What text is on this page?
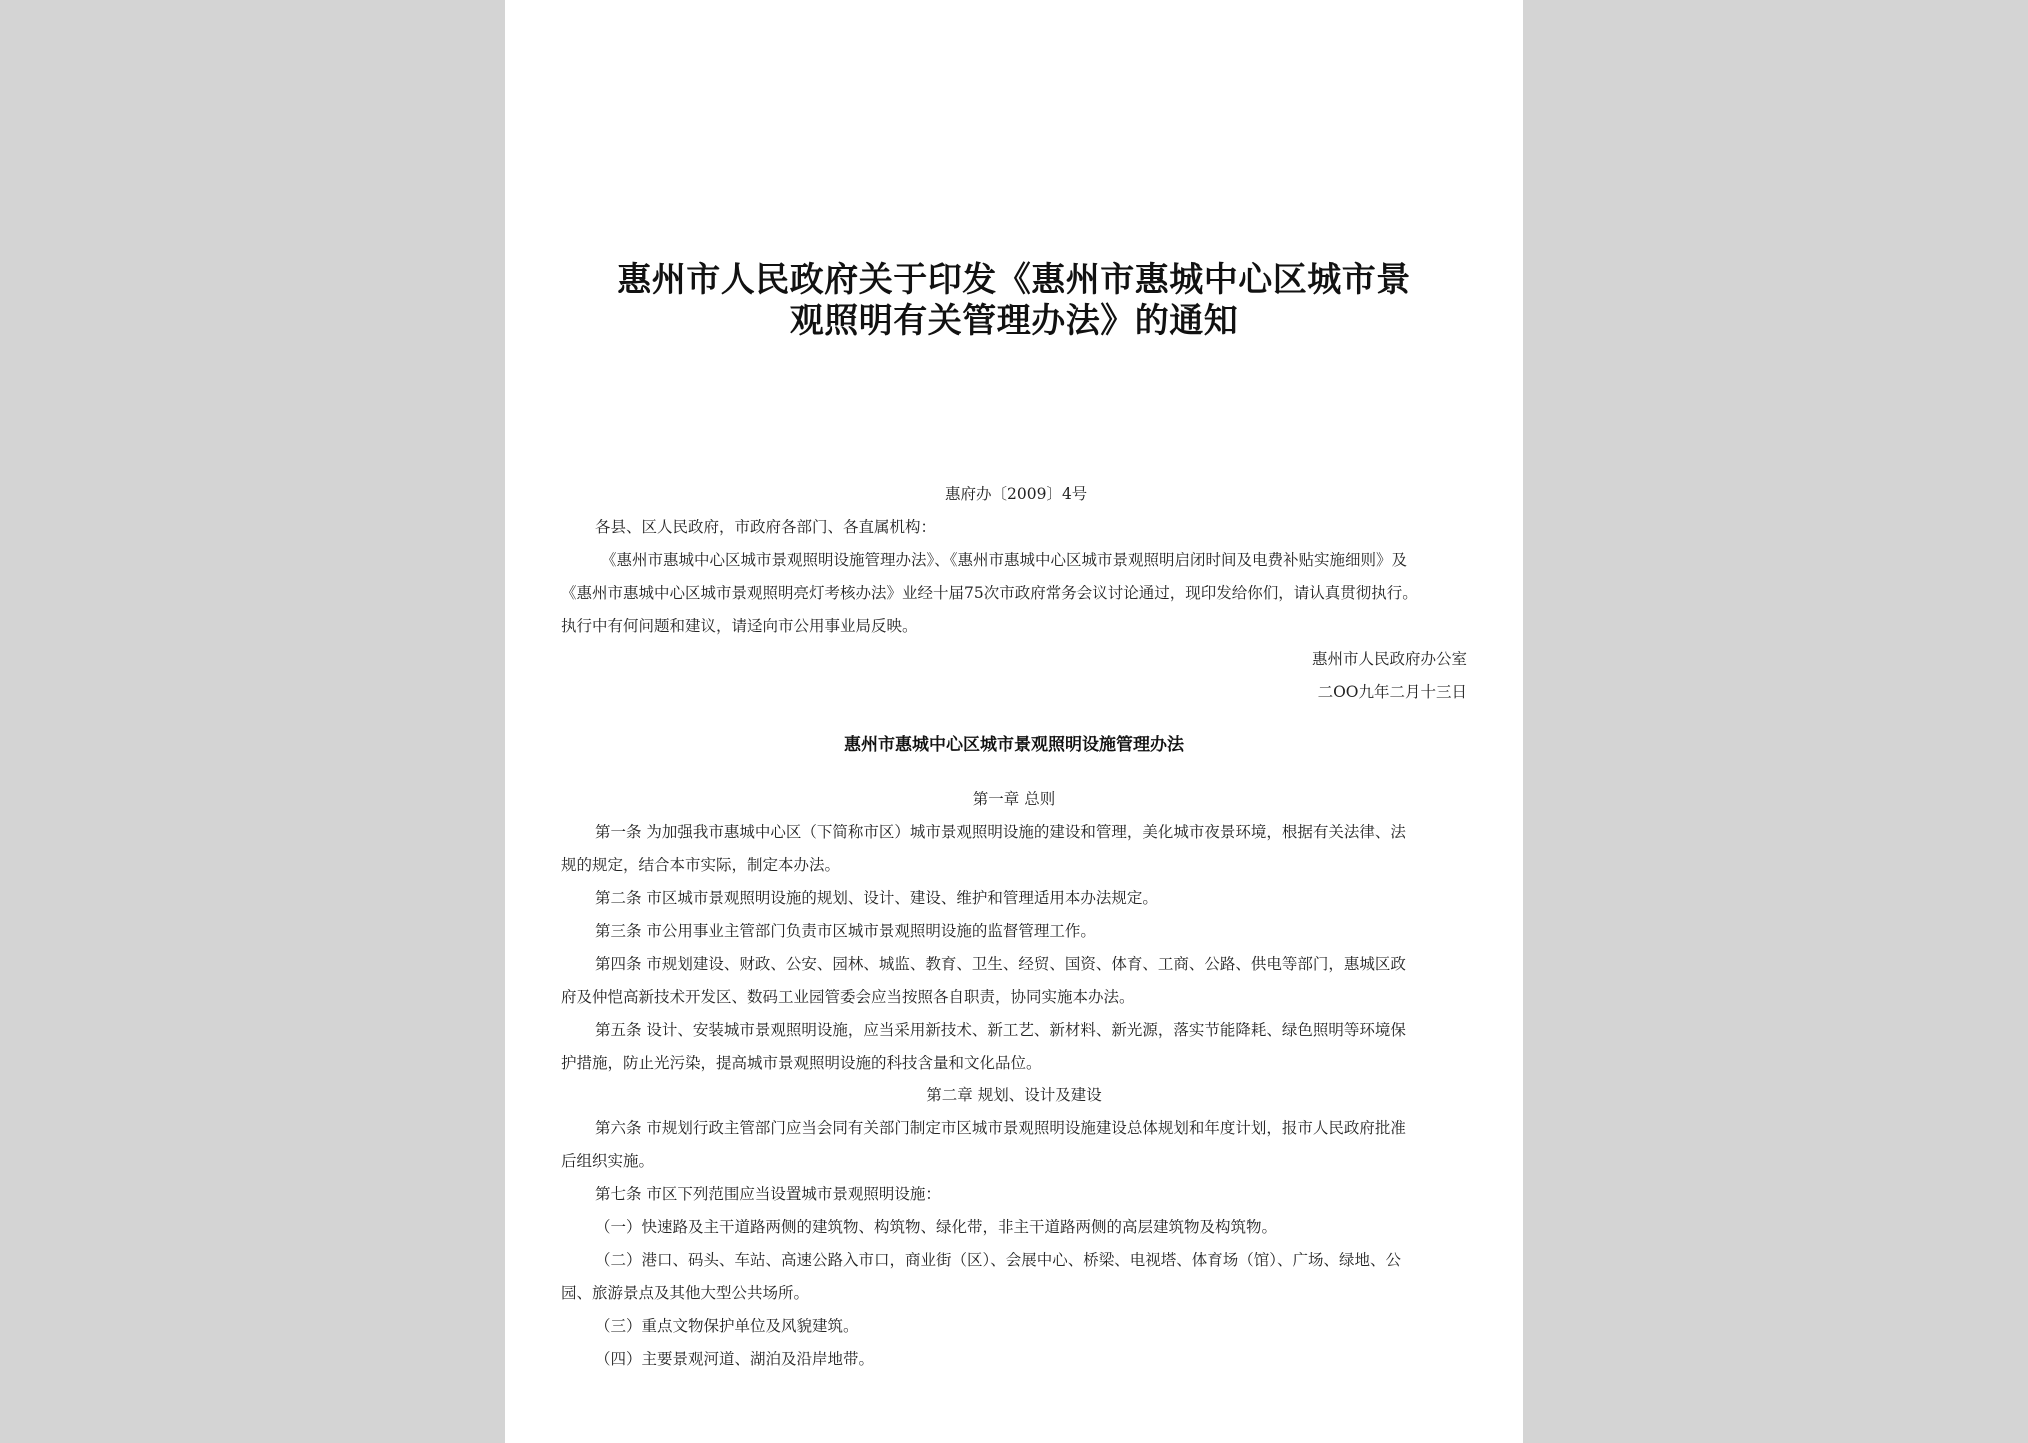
惠州市人民政府关于印发《惠州市惠城中心区城市景
观照明有关管理办法》的通知
惠府办〔2009〕4号
各县、区人民政府，市政府各部门、各直属机构：
《惠州市惠城中心区城市景观照明设施管理办法》、《惠州市惠城中心区城市景观照明启闭时间及电费补贴实施细则》及
《惠州市惠城中心区城市景观照明亮灯考核办法》业经十届75次市政府常务会议讨论通过，现印发给你们，请认真贯彻执行。
执行中有何问题和建议，请迳向市公用事业局反映。
惠州市人民政府办公室
二OO九年二月十三日
惠州市惠城中心区城市景观照明设施管理办法
第一章 总则
第一条 为加强我市惠城中心区（下简称市区）城市景观照明设施的建设和管理，美化城市夜景环境，根据有关法律、法
规的规定，结合本市实际，制定本办法。
第二条 市区城市景观照明设施的规划、设计、建设、维护和管理适用本办法规定。
第三条 市公用事业主管部门负责市区城市景观照明设施的监督管理工作。
第四条 市规划建设、财政、公安、园林、城监、教育、卫生、经贸、国资、体育、工商、公路、供电等部门，惠城区政
府及仲恺高新技术开发区、数码工业园管委会应当按照各自职责，协同实施本办法。
第五条 设计、安装城市景观照明设施，应当采用新技术、新工艺、新材料、新光源，落实节能降耗、绿色照明等环境保
护措施，防止光污染，提高城市景观照明设施的科技含量和文化品位。
第二章 规划、设计及建设
第六条 市规划行政主管部门应当会同有关部门制定市区城市景观照明设施建设总体规划和年度计划，报市人民政府批准
后组织实施。
第七条 市区下列范围应当设置城市景观照明设施：
（一）快速路及主干道路两侧的建筑物、构筑物、绿化带，非主干道路两侧的高层建筑物及构筑物。
（二）港口、码头、车站、高速公路入市口，商业街（区）、会展中心、桥梁、电视塔、体育场（馆）、广场、绿地、公
园、旅游景点及其他大型公共场所。
（三）重点文物保护单位及风貌建筑。
（四）主要景观河道、湖泊及沿岸地带。
